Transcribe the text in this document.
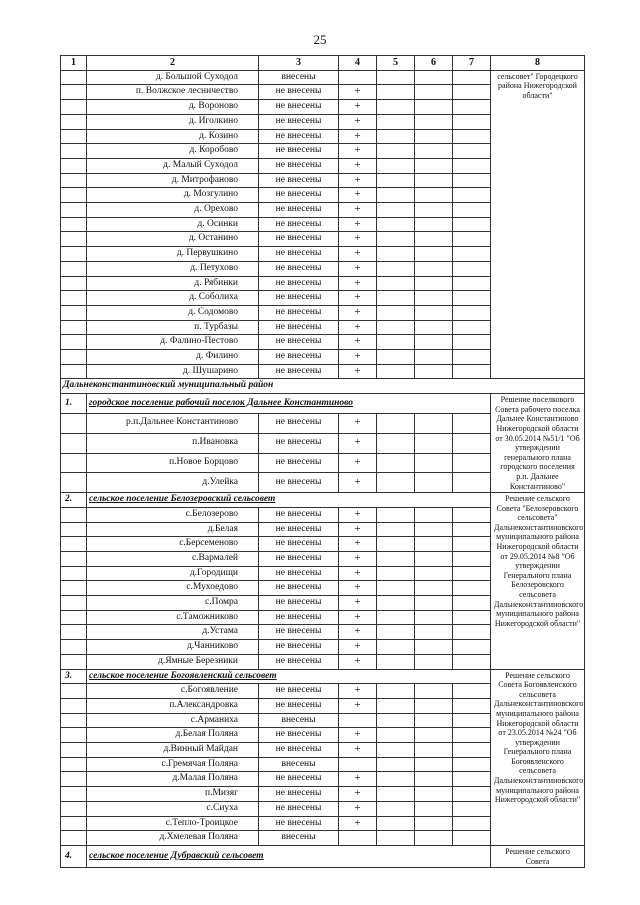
25
1	2	3	4	5	6	7	8
	д. Большой Суходол	внесены					сельсовет" Городецкого района Нижегородской области"
	п. Волжское лесничество	не внесены	+				
	д. Вороново	не внесены	+				
	д. Иголкино	не внесены	+				
	д. Козино	не внесены	+				
	д. Коробово	не внесены	+				
	д. Малый Суходол	не внесены	+				
	д. Митрофаново	не внесены	+				
	д. Мозгулино	не внесены	+				
	д. Орехово	не внесены	+				
	д. Осинки	не внесены	+				
	д. Останино	не внесены	+				
	д. Первушкино	не внесены	+				
	д. Петухово	не внесены	+				
	д. Рябинки	не внесены	+				
	д. Соболиха	не внесены	+				
	д. Содомово	не внесены	+				
	п. Турбазы	не внесены	+				
	д. Фалино-Пестово	не внесены	+				
	д. Филино	не внесены	+				
	д. Шушарино	не внесены	+				
Дальнеконстантиновский муниципальный район							
1.	городское поселение рабочий поселок Дальнее Константиново						Решение поселкового Совета рабочего поселка Дальнее Константиново Нижегородской области от 30.05.2014 №51/1 "Об утверждении генерального плана городского поселения р.п. Дальнее Константиново"
	р.п.Дальнее Константиново	не внесены	+				
	п.Ивановка	не внесены	+				
	п.Новое Борцово	не внесены	+				
	д.Улейка	не внесены	+				
2.	сельское поселение Белозеровский сельсовет						Решение сельского Совета "Белозеровского сельсовета" Дальнеконстантиновского муниципального района Нижегородской области от 29.05.2014 №8 "Об утверждении Генерального плана Белозеровского сельсовета Дальнеконстантиновского муниципального района Нижегородской области"
	с.Белозерово	не внесены	+				
	д.Белая	не внесены	+				
	с.Берсеменово	не внесены	+				
	с.Вармалей	не внесены	+				
	д.Городищи	не внесены	+				
	с.Мухоедово	не внесены	+				
	с.Помра	не внесены	+				
	с.Таможниково	не внесены	+				
	д.Устама	не внесены	+				
	д.Чанниково	не внесены	+				
	д.Ямные Березники	не внесены	+				
3.	сельское поселение Богоявленский сельсовет						Решение сельского Совета Богоявленского сельсовета Дальнеконстантиновского муниципального района Нижегородской области от 23.05.2014 №24 "Об утверждении Генерального плана Богоявленского сельсовета Дальнеконстантиновского муниципального района Нижегородской области"
	с.Богоявление	не внесены	+				
	п.Александровка	не внесены	+				
	с.Арманиха	внесены					
	д.Белая Поляна	не внесены	+				
	д.Винный Майдан	не внесены	+				
	с.Гремячая Поляна	внесены					
	д.Малая Поляна	не внесены	+				
	п.Мизяг	не внесены	+				
	с.Сиуха	не внесены	+				
	с.Тепло-Троицкое	не внесены	+				
	д.Хмелевая Поляна	внесены					
4.	сельское поселение Дубравский сельсовет						Решение сельского Совета
